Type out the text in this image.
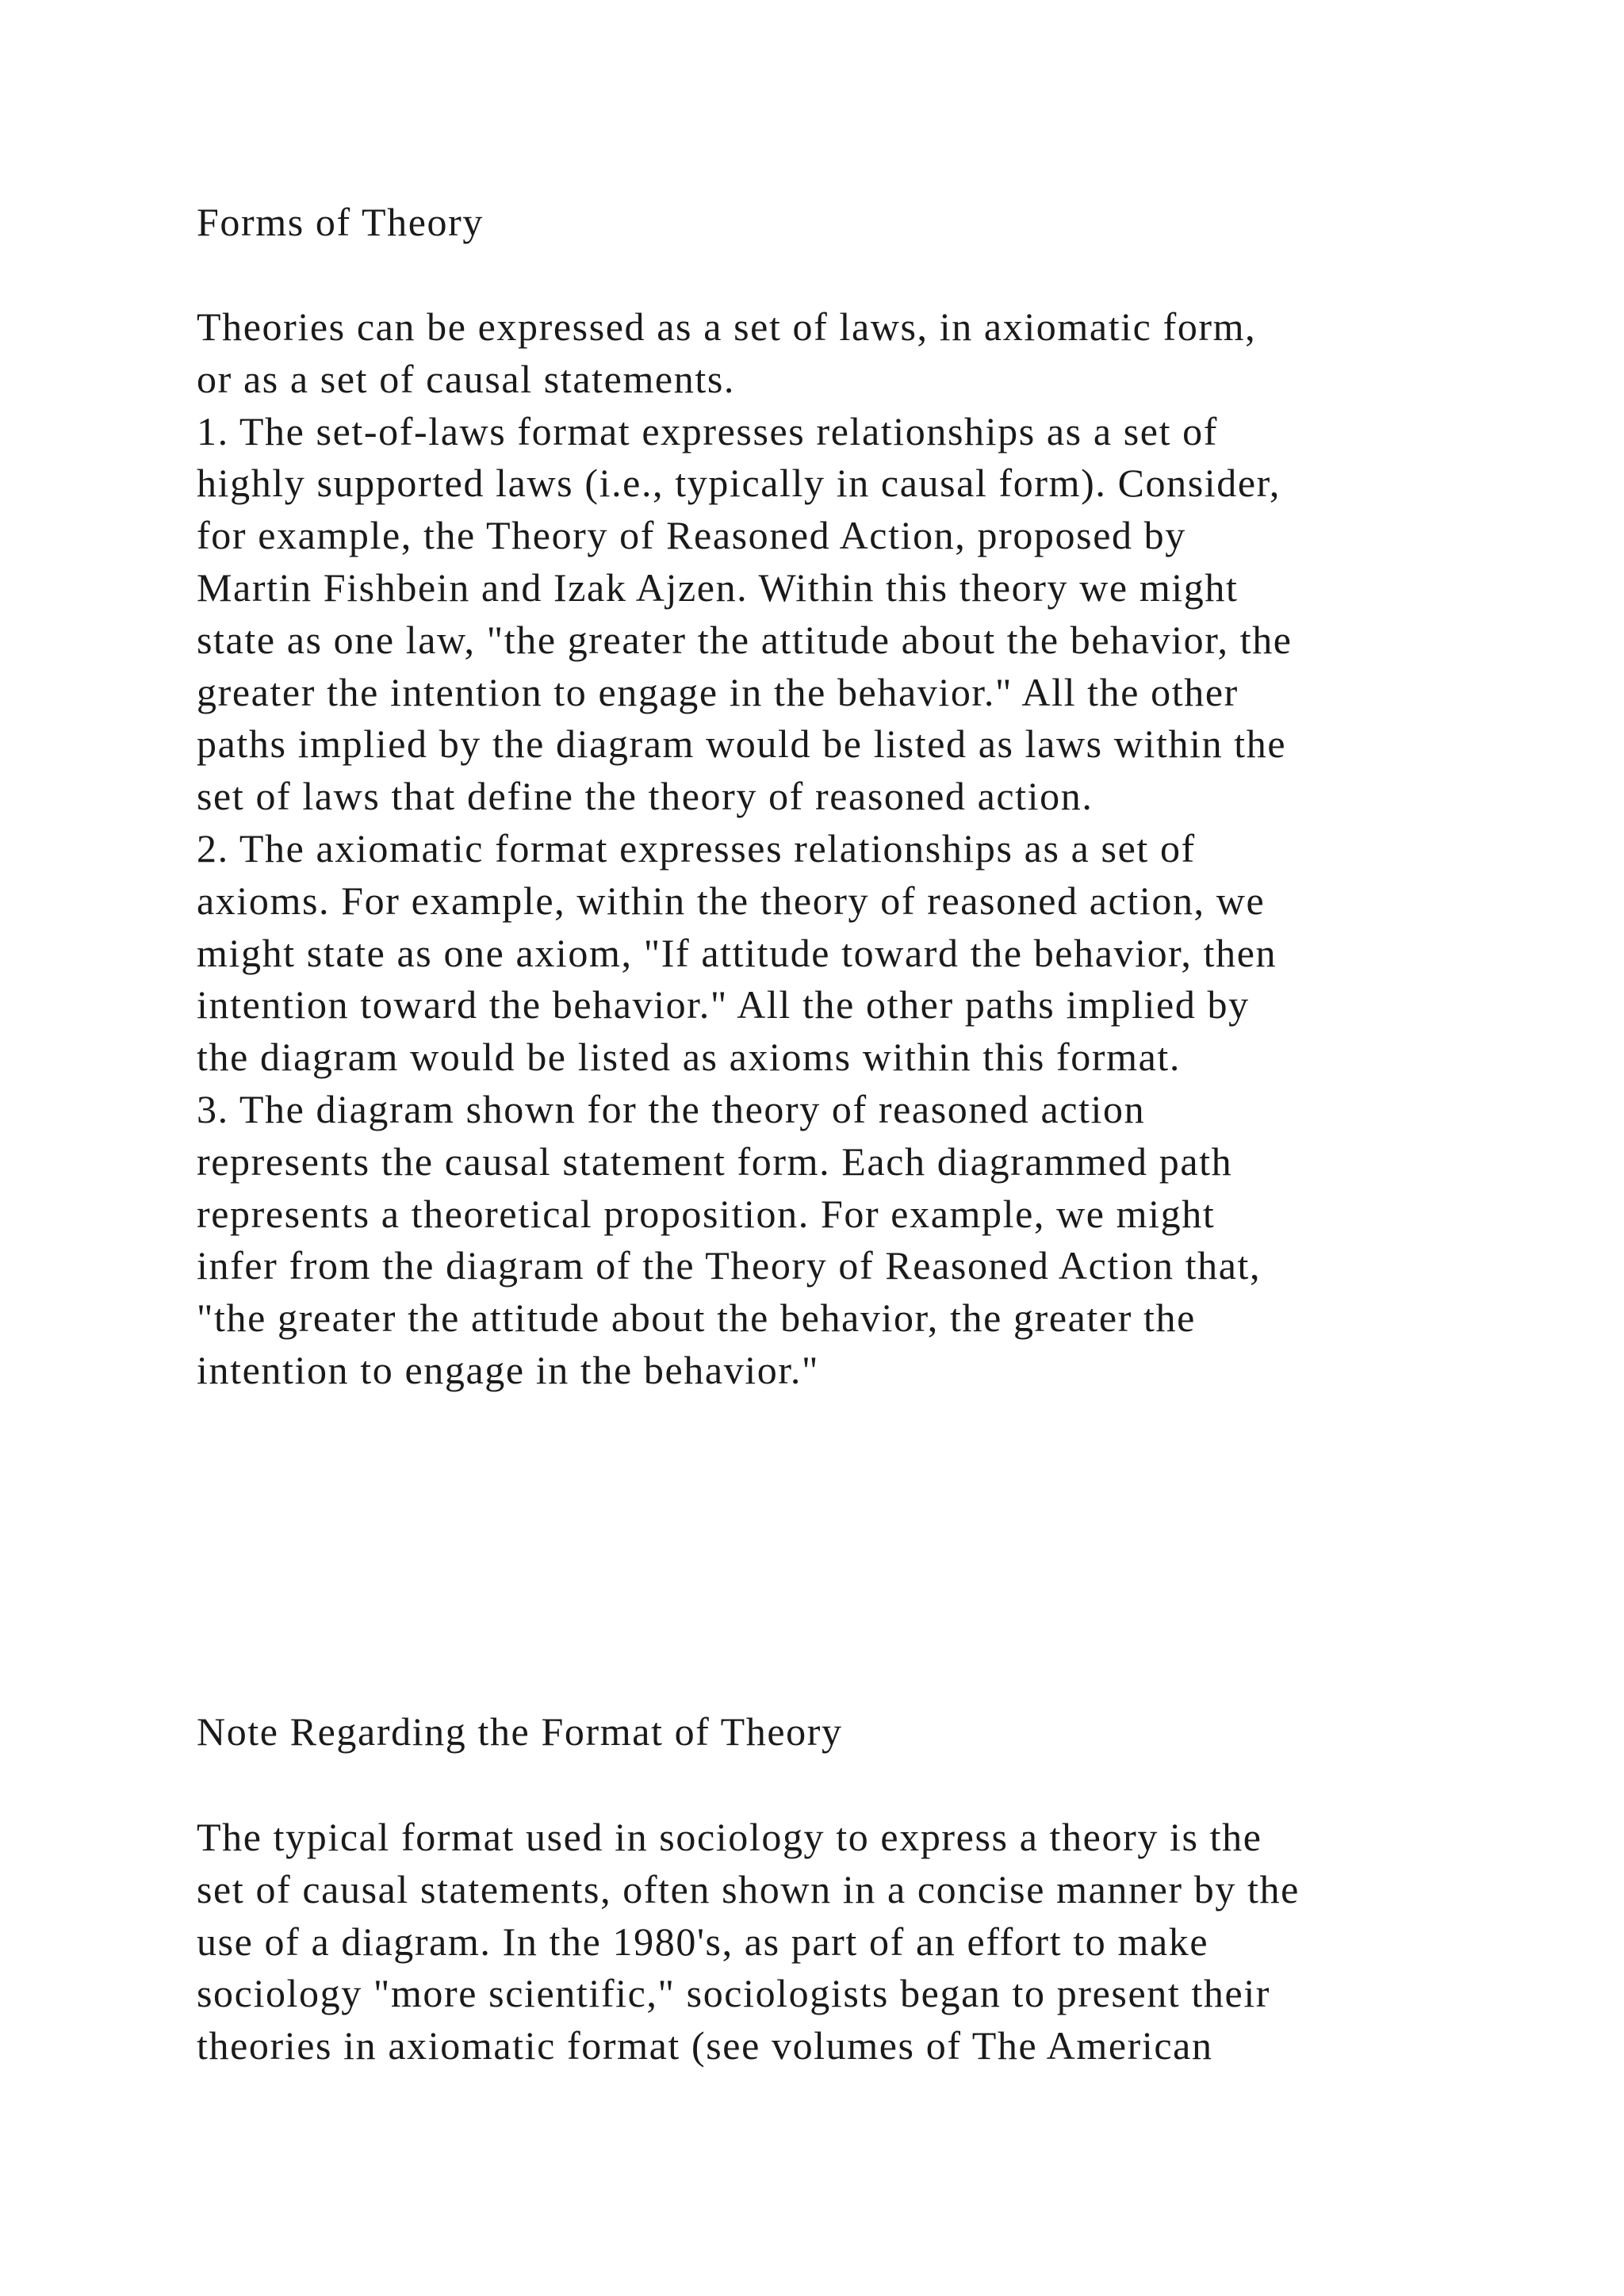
Forms of Theory
Theories can be expressed as a set of laws, in axiomatic form,
or as a set of causal statements.
1. The set-of-laws format expresses relationships as a set of
highly supported laws (i.e., typically in causal form). Consider,
for example, the Theory of Reasoned Action, proposed by
Martin Fishbein and Izak Ajzen. Within this theory we might
state as one law, "the greater the attitude about the behavior, the
greater the intention to engage in the behavior." All the other
paths implied by the diagram would be listed as laws within the
set of laws that define the theory of reasoned action.
2. The axiomatic format expresses relationships as a set of
axioms. For example, within the theory of reasoned action, we
might state as one axiom, "If attitude toward the behavior, then
intention toward the behavior." All the other paths implied by
the diagram would be listed as axioms within this format.
3. The diagram shown for the theory of reasoned action
represents the causal statement form. Each diagrammed path
represents a theoretical proposition. For example, we might
infer from the diagram of the Theory of Reasoned Action that,
"the greater the attitude about the behavior, the greater the
intention to engage in the behavior."
Note Regarding the Format of Theory
The typical format used in sociology to express a theory is the
set of causal statements, often shown in a concise manner by the
use of a diagram. In the 1980's, as part of an effort to make
sociology "more scientific," sociologists began to present their
theories in axiomatic format (see volumes of The American
